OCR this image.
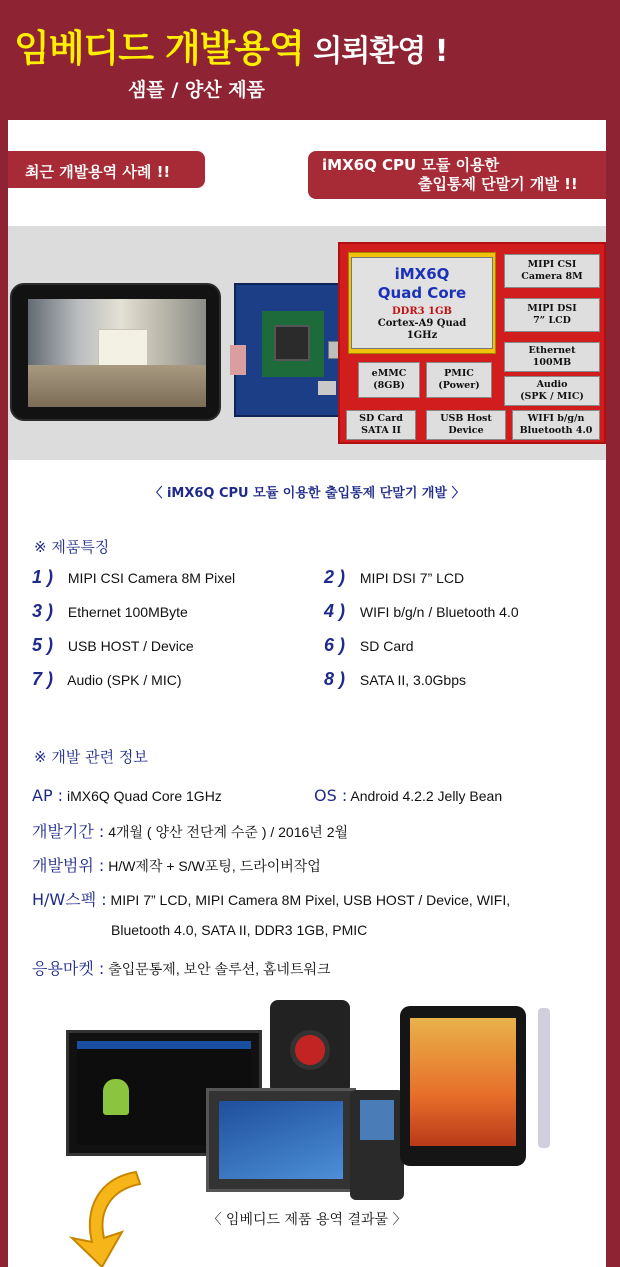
임베디드 개발용역 의뢰환영 !
샘플 / 양산 제품
최근 개발용역 사례 !!	iMX6Q CPU 모듈 이용한
출입통제 단말기 개발 !!
iMX6Q
Quad Core
DDR3 1GB
Cortex-A9 Quad
1GHz
eMMC
(8GB)
PMIC
(Power)
MIPI CSI
Camera 8M
MIPI DSI
7” LCD
Ethernet
100MB
Audio
(SPK / MIC)
SD Card
SATA II
USB Host
Device
WIFI b/g/n
Bluetooth 4.0
〈 iMX6Q CPU 모듈 이용한 출입통제 단말기 개발 〉
※ 제품특징
1 ) MIPI CSI Camera 8M Pixel	2 ) MIPI DSI 7” LCD
3 ) Ethernet 100MByte	4 ) WIFI b/g/n / Bluetooth 4.0
5 ) USB HOST / Device	6 ) SD Card
7 ) Audio (SPK / MIC)	8 ) SATA II, 3.0Gbps
※ 개발 관련 정보
AP : iMX6Q Quad Core 1GHz	OS : Android 4.2.2 Jelly Bean
개발기간 : 4개월 ( 양산 전단계 수준 ) / 2016년 2월
개발범위 : H/W제작 + S/W포팅, 드라이버작업
H/W스펙 : MIPI 7” LCD, MIPI Camera 8M Pixel, USB HOST / Device, WIFI,
Bluetooth 4.0, SATA II, DDR3 1GB, PMIC
응용마켓 : 출입문통제, 보안 솔루션, 홈네트워크
〈 임베디드 제품 용역 결과물 〉
